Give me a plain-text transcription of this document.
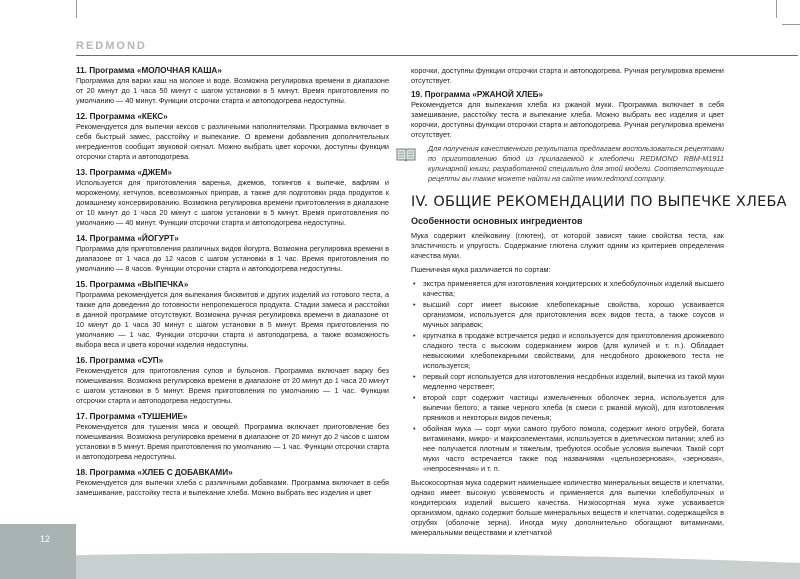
REDMOND

11. Программа «МОЛОЧНАЯ КАША»

Программа для варки каш на молоке и воде. Возможна регулировка времени в диапазоне от 20 минут до 1 часа 50 минут с шагом установки в 5 минут. Время приготовления по умолчанию — 40 минут. Функции отсрочки старта и автоподогрева недоступны.

12. Программа «КЕКС»

Рекомендуется для выпечки кексов с различными наполнителями. Программа включает в себя быстрый замес, расстойку и выпекание. О времени добавления дополнительных ингредиентов сообщит звуковой сигнал. Можно выбрать цвет корочки, доступны функции отсрочки старта и автоподогрева.

13. Программа «ДЖЕМ»

Используется для приготовления варенья, джемов, топингов к выпечке, вафлям и мороженому, кетчупов, всевозможных приправ, а также для подготовки ряда продуктов к домашнему консервированию. Возможна регулировка времени приготовления в диапазоне от 10 минут до 1 часа 20 минут с шагом установки в 5 минут. Время приготовления по умолчанию — 40 минут. Функции отсрочки старта и автоподогрева недоступны.

14. Программа «ЙОГУРТ»

Программа для приготовления различных видов йогурта. Возможна регулировка времени в диапазоне от 1 часа до 12 часов с шагом установки в 1 час. Время приготовления по умолчанию — 8 часов. Функции отсрочки старта и автоподогрева недоступны.

15. Программа «ВЫПЕЧКА»

Программа рекомендуется для выпекания бисквитов и других изделий из готового теста, а также для доведения до готовности непропекшегося продукта. Стадии замеса и расстойки в данной программе отсутствуют. Возможна ручная регулировка времени в диапазоне от 10 минут до 1 часа 30 минут с шагом установки в 5 минут. Время приготовления по умолчанию — 1 час. Функции отсрочки старта и автоподогрева, а также возможность выбора веса и цвета корочки изделия недоступны.

16. Программа «СУП»

Рекомендуется для приготовления супов и бульонов. Программа включает варку без помешивания. Возможна регулировка времени в диапазоне от 20 минут до 1 часа 20 минут с шагом установки в 5 минут. Время приготовления по умолчанию — 1 час. Функции отсрочки старта и автоподогрева недоступны.

17. Программа «ТУШЕНИЕ»

Рекомендуется для тушения мяса и овощей. Программа включает приготовление без помешивания. Возможна регулировка времени в диапазоне от 20 минут до 2 часов с шагом установки в 5 минут. Время приготовления по умолчанию — 1 час. Функции отсрочки старта и автоподогрева недоступны.

18. Программа «ХЛЕБ С ДОБАВКАМИ»

Рекомендуется для выпечки хлеба с различными добавками. Программа включает в себя замешивание, расстойку теста и выпекание хлеба. Можно выбрать вес изделия и цвет

корочки, доступны функции отсрочки старта и автоподогрева. Ручная регулировка времени отсутствует.

19. Программа «РЖАНОЙ ХЛЕБ»

Рекомендуется для выпекания хлеба из ржаной муки. Программа включает в себя замешивание, расстойку теста и выпекание хлеба. Можно выбрать вес изделия и цвет корочки, доступны функции отсрочки старта и автоподогрева. Ручная регулировка времени отсутствует.

Для получения качественного результата предлагаем воспользоваться рецептами по приготовлению блюд из прилагаемой к хлебопечи REDMOND RBM-M1911 кулинарной книги, разработанной специально для этой модели. Соответствующие рецепты вы также можете найти на сайте www.redmond.company.
IV. ОБЩИЕ РЕКОМЕНДАЦИИ ПО ВЫПЕЧКЕ ХЛЕБА
Особенности основных ингредиентов

Мука содержит клейковину (глютен), от которой зависят такие свойства теста, как эластичность и упругость. Содержание глютена служит одним из критериев определения качества муки.

Пшеничная мука различается по сортам:

• экстра применяется для изготовления кондитерских и хлебобулочных изделий высшего качества;
• высший сорт имеет высокие хлебопекарные свойства, хорошо усваивается организмом, используется для приготовления всех видов теста, а также соусов и мучных заправок;
• крупчатка в продаже встречается редко и используется для приготовления дрожжевого сладкого теста с высоким содержанием жиров (для куличей и т. п.). Обладает невысокими хлебопекарными свойствами, для несдобного дрожжевого теста не используется;
• первый сорт используется для изготовления несдобных изделий, выпечка из такой муки медленно черствеет;
• второй сорт содержит частицы измельченных оболочек зерна, используется для выпечки белого, а также черного хлеба (в смеси с ржаной мукой), для изготовления пряников и некоторых видов печенья;
• обойная мука — сорт муки самого грубого помола, содержит много отрубей, богата витаминами, микро- и макроэлементами, используется в диетическом питании; хлеб из нее получается плотным и тяжелым, требуются особые условия выпечки. Такой сорт муки часто встречается также под названиями «цельнозерновая», «зерновая», «непросеянная» и т. п.

Высокосортная мука содержит наименьшее количество минеральных веществ и клетчатки, однако имеет высокую усвояемость и применяется для выпечки хлебобулочных и кондитерских изделий высшего качества. Низкосортная мука хуже усваивается организмом, однако содержит больше минеральных веществ и клетчатки, содержащейся в отрубях (оболочке зерна). Иногда муку дополнительно обогащают витаминами, минеральными веществами и клетчаткой

12
